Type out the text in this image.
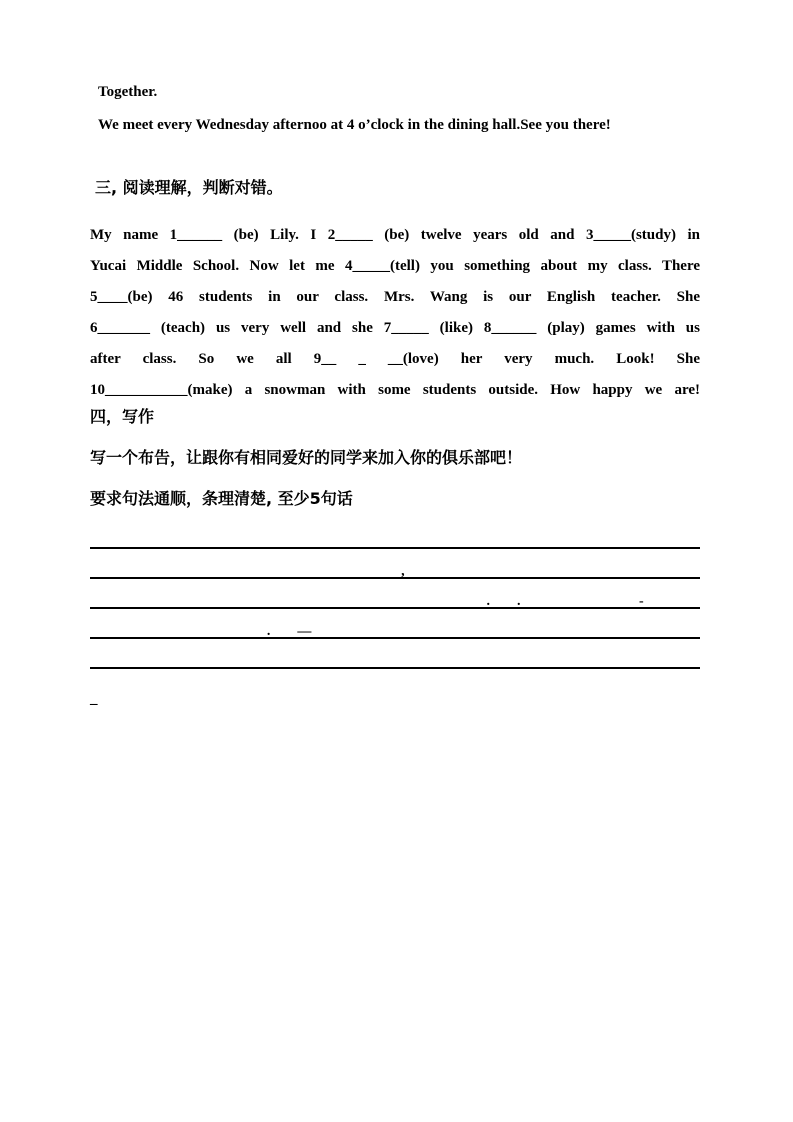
Together.

We meet every Wednesday afternoo at 4 o’clock in the dining hall.See you there!

三, 阅读理解，判断对错。
My name 1______ (be) Lily. I 2_____ (be) twelve years old and 3_____(study) in
Yucai Middle School. Now let me 4_____(tell) you something about my class. There
5____(be) 46 students in our class. Mrs. Wang is our English teacher. She
6_______ (teach) us very well and she 7_____ (like) 8______ (play) games with us
after class. So we all 9__ _ __(love) her very much. Look! She
10___________(make) a snowman with some students outside. How happy we are!
四，写作

写一个布告，让跟你有相同爱好的同学来加入你的俱乐部吧！

要求句法通顺，条理清楚, 至少5句话

,
. .	-
. —

_
